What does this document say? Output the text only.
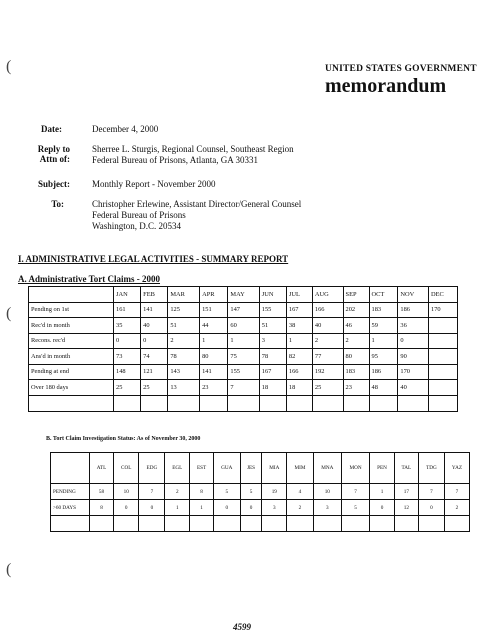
(
(
(
UNITED STATES GOVERNMENT
memorandum
Date:	December 4, 2000
Reply to
Attn of:
Sherree L. Sturgis, Regional Counsel, Southeast Region
Federal Bureau of Prisons, Atlanta, GA 30331
Subject: Monthly Report - November 2000
To:	Christopher Erlewine, Assistant Director/General Counsel
Federal Bureau of Prisons
Washington, D.C. 20534
I. ADMINISTRATIVE LEGAL ACTIVITIES - SUMMARY REPORT
A. Administrative Tort Claims - 2000
	JAN	FEB	MAR	APR	MAY	JUN	JUL	AUG	SEP	OCT	NOV	DEC
Pending on 1st	161	141	125	151	147	155	167	166	202	183	186	170
Rec'd in month	35	40	51	44	60	51	38	40	46	59	36	
Recons. rec'd	0	0	2	1	1	3	1	2	2	1	0	
Ans'd in month	73	74	78	80	75	78	82	77	80	95	90	
Pending at end	148	121	143	141	155	167	166	192	183	186	170	
Over 180 days	25	25	13	23	7	18	18	25	23	48	40	

B. Tort Claim Investigation Status: As of November 30, 2000
	ATL	COL	EDG	EGL	EST	GUA	JES	MIA	MIM	MNA	MON	PEN	TAL	TDG	YAZ
PENDING	58	10	7	2	8	5	5	19	4	10	7	1	17	7	7
>60 DAYS	8	0	0	1	1	0	0	3	2	3	5	0	12	0	2

4599
